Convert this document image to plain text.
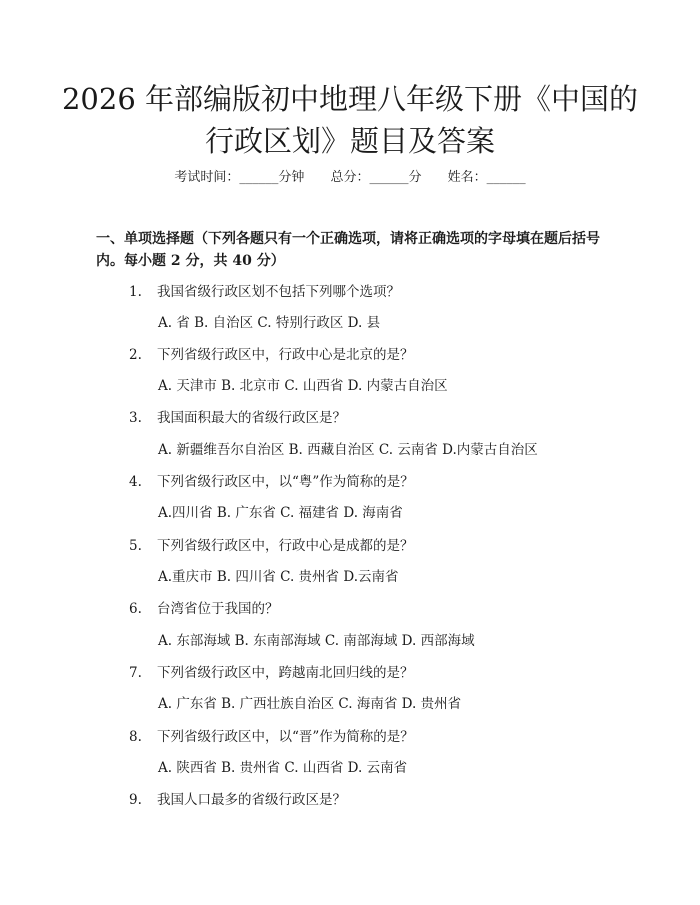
2026 年部编版初中地理八年级下册《中国的行政区划》题目及答案
考试时间：______分钟 总分：______分 姓名：______
一、单项选择题（下列各题只有一个正确选项，请将正确选项的字母填在题后括号内。每小题 2 分，共 40 分）
1. 我国省级行政区划不包括下列哪个选项？
A. 省 B. 自治区 C. 特别行政区 D. 县
2. 下列省级行政区中，行政中心是北京的是？
A. 天津市 B. 北京市 C. 山西省 D. 内蒙古自治区
3. 我国面积最大的省级行政区是？
A. 新疆维吾尔自治区 B. 西藏自治区 C. 云南省 D.内蒙古自治区
4. 下列省级行政区中，以“粤”作为简称的是？
A.四川省 B. 广东省 C. 福建省 D. 海南省
5. 下列省级行政区中，行政中心是成都的是？
A.重庆市 B. 四川省 C. 贵州省 D.云南省
6. 台湾省位于我国的？
A. 东部海域 B. 东南部海域 C. 南部海域 D. 西部海域
7. 下列省级行政区中，跨越南北回归线的是？
A. 广东省 B. 广西壮族自治区 C. 海南省 D. 贵州省
8. 下列省级行政区中，以“晋”作为简称的是？
A. 陕西省 B. 贵州省 C. 山西省 D. 云南省
9. 我国人口最多的省级行政区是？
